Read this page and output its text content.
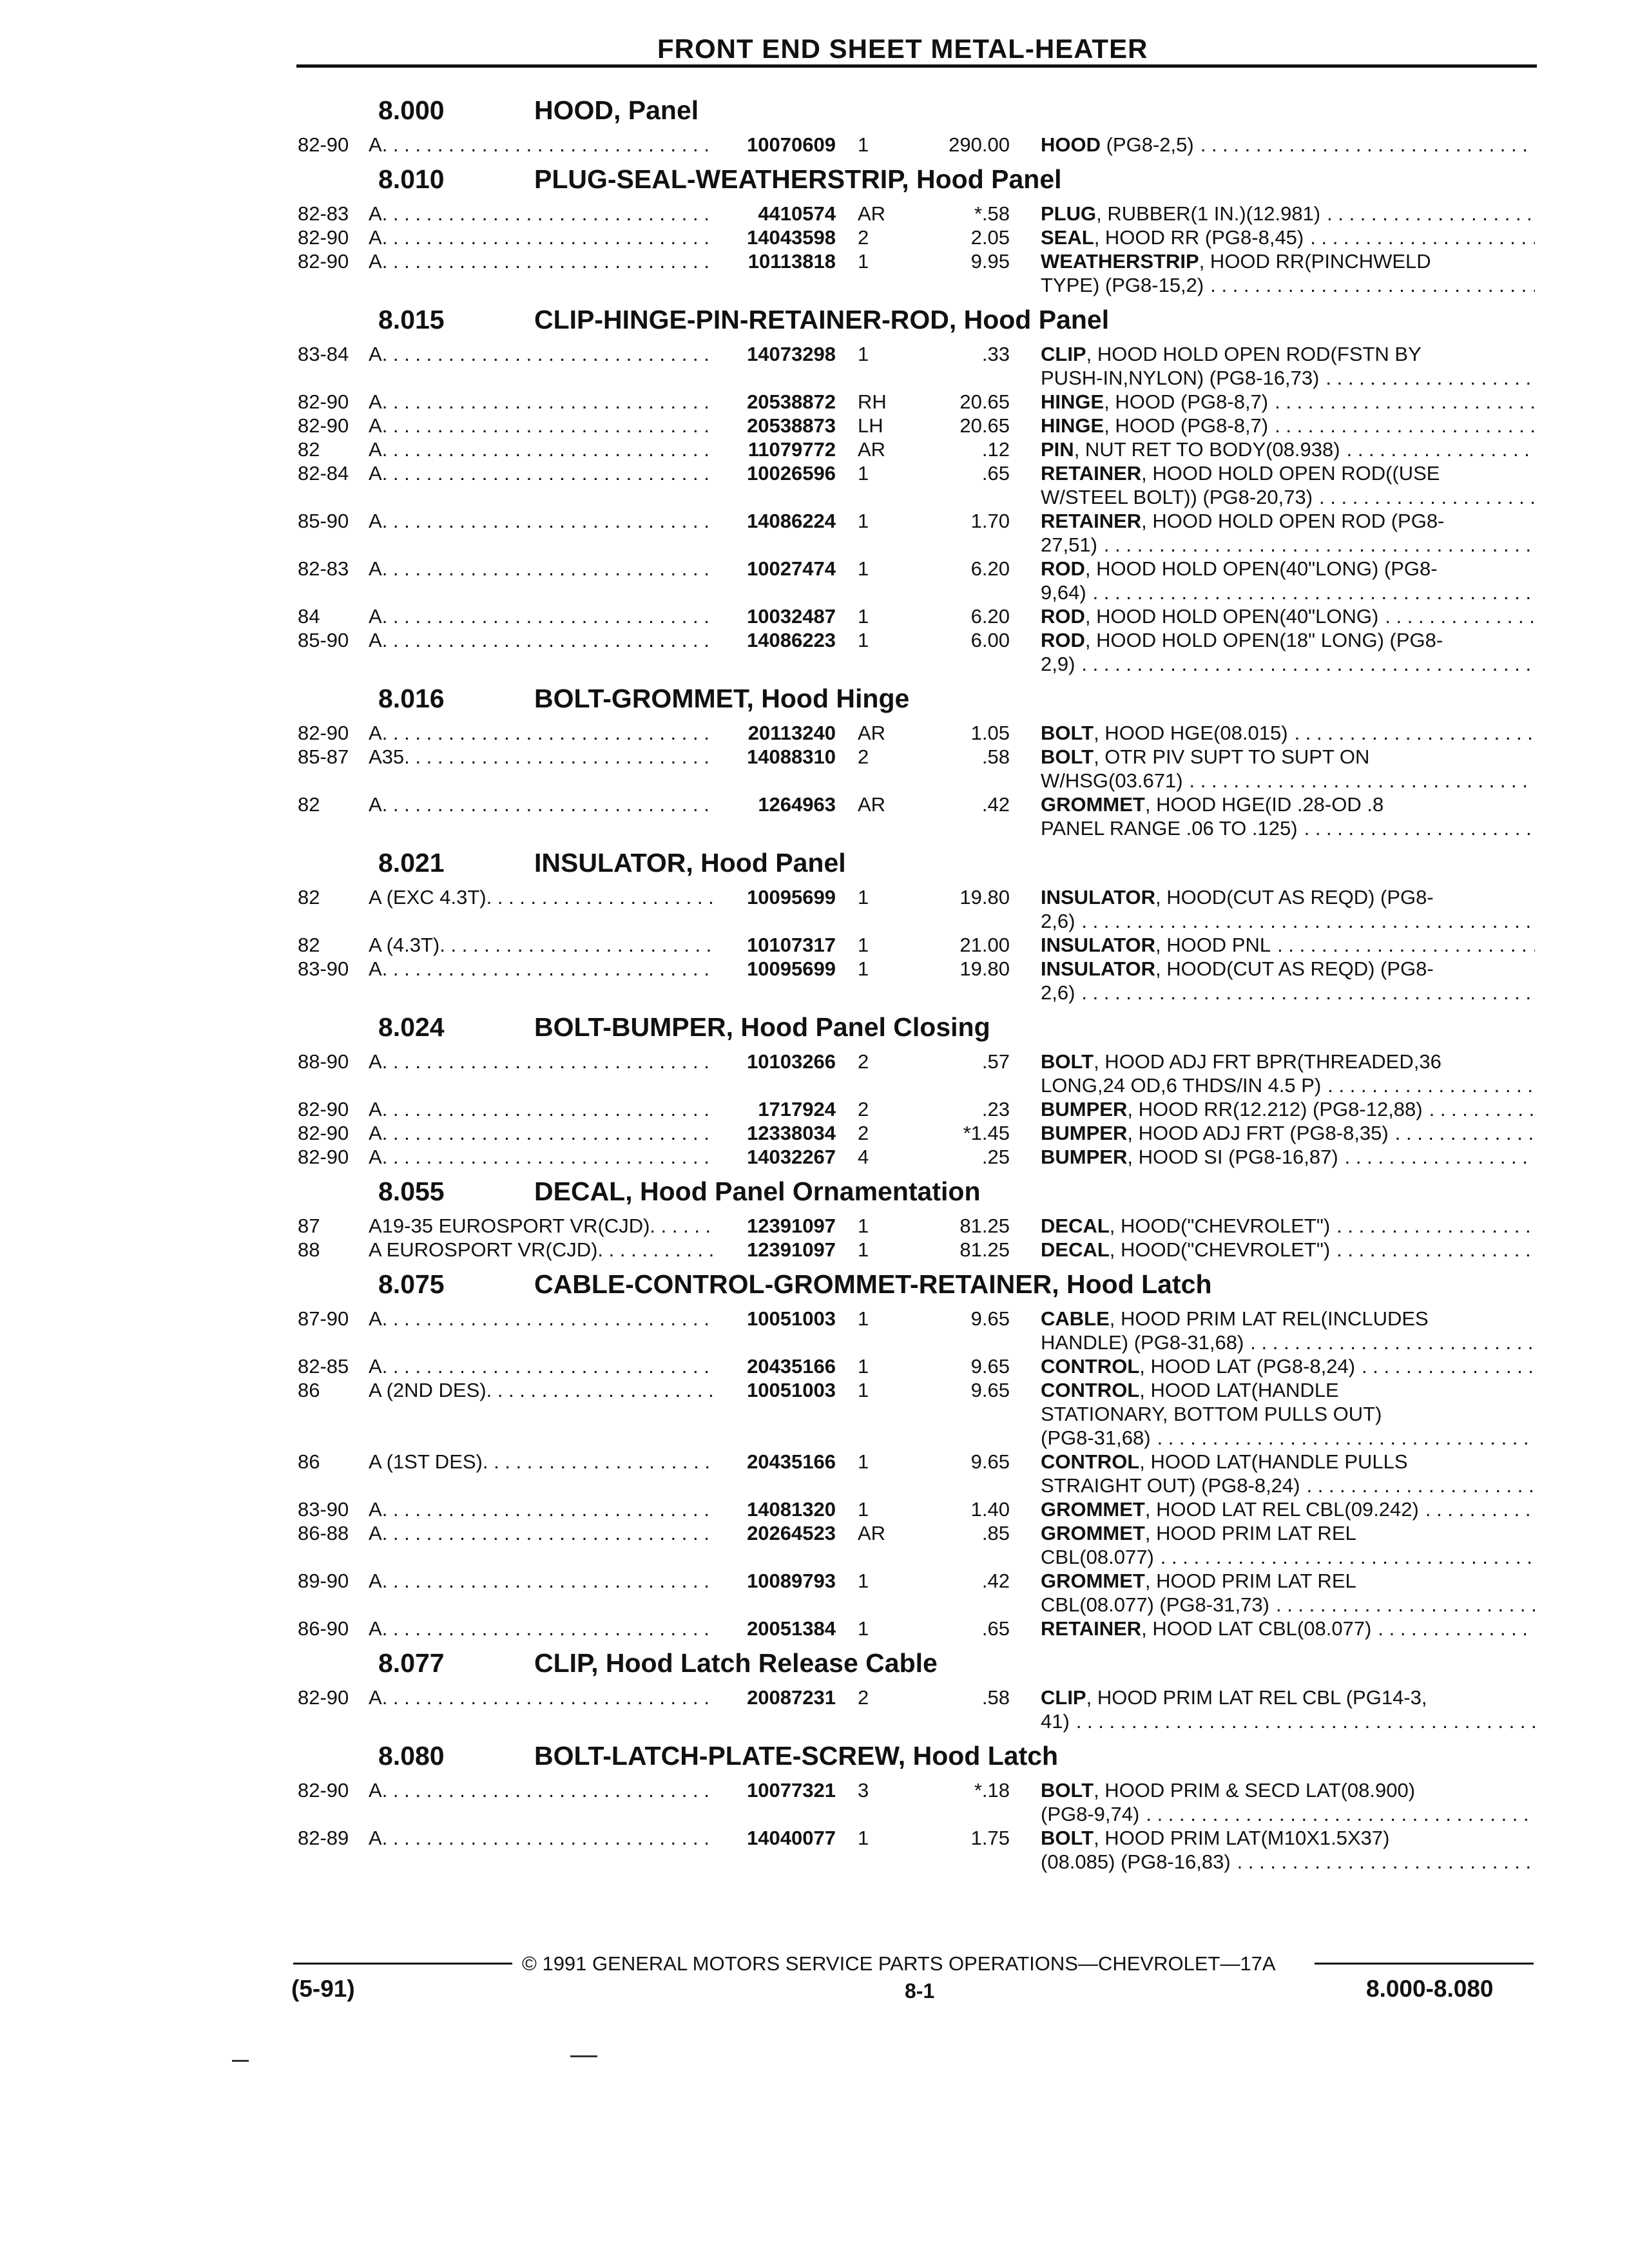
FRONT END SHEET METAL-HEATER
8.000	HOOD, Panel
82-90 A . . .	10070609	1	290.00 HOOD (PG8-2,5)
. . .
8.010	PLUG-SEAL-WEATHERSTRIP, Hood Panel
82-83 A . . .	4410574	AR	*.58 PLUG, RUBBER(1 IN.)(12.981)
. . .
82-90 A . . .	14043598	2	2.05 SEAL, HOOD RR (PG8-8,45)
. . .
82-90 A . . .	10113818	1	9.95 WEATHERSTRIP, HOOD RR(PINCHWELD
TYPE) (PG8-15,2)
. . .
8.015	CLIP-HINGE-PIN-RETAINER-ROD, Hood Panel
83-84 A . . .	14073298	1	.33 CLIP, HOOD HOLD OPEN ROD(FSTN BY
PUSH-IN,NYLON) (PG8-16,73)
. . .
82-90 A . . .	20538872	RH	20.65 HINGE, HOOD (PG8-8,7)
. . .
82-90 A . . .	20538873	LH	20.65 HINGE, HOOD (PG8-8,7)
. . .
82	A . . .	11079772	AR	.12 PIN, NUT RET TO BODY(08.938)
. . .
82-84 A . . .	10026596	1	.65 RETAINER, HOOD HOLD OPEN ROD((USE
W/STEEL BOLT)) (PG8-20,73)
. . .
85-90 A . . .	14086224	1	1.70 RETAINER, HOOD HOLD OPEN ROD (PG8-
27,51)
. . .
82-83 A . . .	10027474	1	6.20 ROD, HOOD HOLD OPEN(40"LONG) (PG8-
9,64)
. . .
84	A . . .	10032487	1	6.20 ROD, HOOD HOLD OPEN(40"LONG)
. . .
85-90 A . . .	14086223	1	6.00 ROD, HOOD HOLD OPEN(18" LONG) (PG8-
2,9)
. . .
8.016	BOLT-GROMMET, Hood Hinge
82-90 A . . .	20113240	AR	1.05 BOLT, HOOD HGE(08.015)
. . .
85-87 A35 . . .	14088310	2	.58 BOLT, OTR PIV SUPT TO SUPT ON
W/HSG(03.671)
. . .
82	A . . .	1264963	AR	.42 GROMMET, HOOD HGE(ID .28-OD .8
PANEL RANGE .06 TO .125)
. . .
8.021	INSULATOR, Hood Panel
82	A (EXC 4.3T) . . .	10095699	1	19.80 INSULATOR, HOOD(CUT AS REQD) (PG8-
2,6)
. . .
82	A (4.3T) . . .	10107317	1	21.00 INSULATOR, HOOD PNL
. . .
83-90 A . . .	10095699	1	19.80 INSULATOR, HOOD(CUT AS REQD) (PG8-
2,6)
. . .
8.024	BOLT-BUMPER, Hood Panel Closing
88-90 A . . .	10103266	2	.57 BOLT, HOOD ADJ FRT BPR(THREADED,36
LONG,24 OD,6 THDS/IN 4.5 P)
. . .
82-90 A . . .	1717924	2	.23 BUMPER, HOOD RR(12.212) (PG8-12,88)
. . .
82-90 A . . .	12338034	2	*1.45 BUMPER, HOOD ADJ FRT (PG8-8,35)
. . .
82-90 A . . .	14032267	4	.25 BUMPER, HOOD SI (PG8-16,87)
. . .
8.055	DECAL, Hood Panel Ornamentation
87	A19-35 EUROSPORT VR(CJD) . . .	12391097	1	81.25 DECAL, HOOD("CHEVROLET")
. . .
88	A EUROSPORT VR(CJD) . . .	12391097	1	81.25 DECAL, HOOD("CHEVROLET")
. . .
8.075	CABLE-CONTROL-GROMMET-RETAINER, Hood Latch
87-90 A . . .	10051003	1	9.65 CABLE, HOOD PRIM LAT REL(INCLUDES
HANDLE) (PG8-31,68)
. . .
82-85 A . . .	20435166	1	9.65 CONTROL, HOOD LAT (PG8-8,24)
. . .
86	A (2ND DES) . . .	10051003	1	9.65 CONTROL, HOOD LAT(HANDLE
STATIONARY, BOTTOM PULLS OUT)
(PG8-31,68)
. . .
86	A (1ST DES) . . .	20435166	1	9.65 CONTROL, HOOD LAT(HANDLE PULLS
STRAIGHT OUT) (PG8-8,24)
. . .
83-90 A . . .	14081320	1	1.40 GROMMET, HOOD LAT REL CBL(09.242)
. . .
86-88 A . . .	20264523	AR	.85 GROMMET, HOOD PRIM LAT REL
CBL(08.077)
. . .
89-90 A . . .	10089793	1	.42 GROMMET, HOOD PRIM LAT REL
CBL(08.077) (PG8-31,73)
. . .
86-90 A . . .	20051384	1	.65 RETAINER, HOOD LAT CBL(08.077)
. . .
8.077	CLIP, Hood Latch Release Cable
82-90 A . . .	20087231	2	.58 CLIP, HOOD PRIM LAT REL CBL (PG14-3,
41)
. . .
8.080	BOLT-LATCH-PLATE-SCREW, Hood Latch
82-90 A . . .	10077321	3	*.18 BOLT, HOOD PRIM & SECD LAT(08.900)
(PG8-9,74)
. . .
82-89 A . . .	14040077	1	1.75 BOLT, HOOD PRIM LAT(M10X1.5X37)
(08.085) (PG8-16,83)
. . .
© 1991 GENERAL MOTORS SERVICE PARTS OPERATIONS—CHEVROLET—17A
(5-91)	8-1	8.000-8.080
